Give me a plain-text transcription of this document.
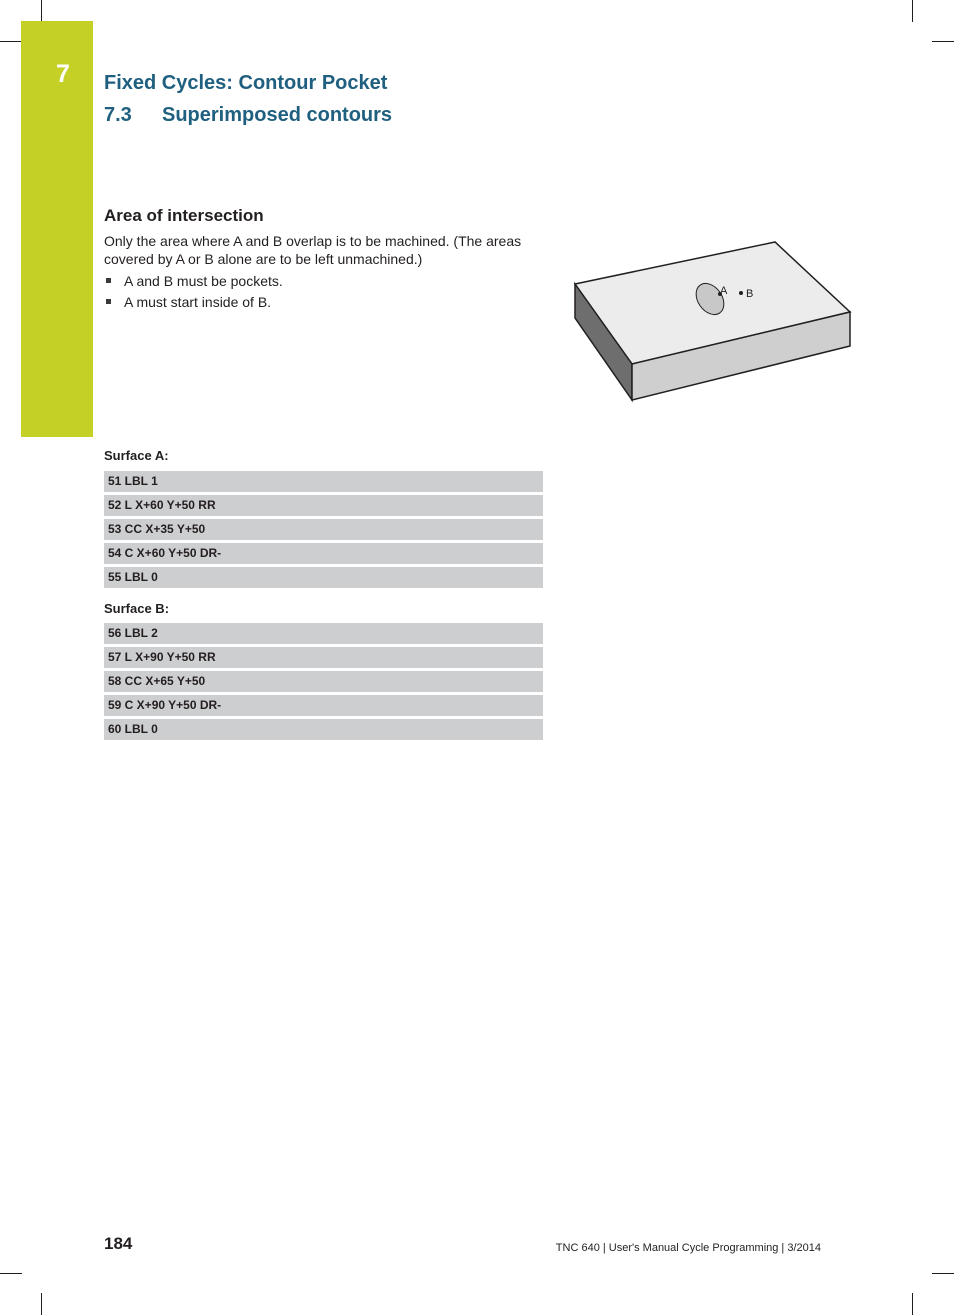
7 Fixed Cycles: Contour Pocket
7.3 Superimposed contours
Area of intersection
Only the area where A and B overlap is to be machined. (The areas covered by A or B alone are to be left unmachined.)
A and B must be pockets.
A must start inside of B.
A B
Surface A:
51 LBL 1
52 L X+60 Y+50 RR
53 CC X+35 Y+50
54 C X+60 Y+50 DR-
55 LBL 0
Surface B:
56 LBL 2
57 L X+90 Y+50 RR
58 CC X+65 Y+50
59 C X+90 Y+50 DR-
60 LBL 0
184	TNC 640 | User's Manual Cycle Programming | 3/2014
